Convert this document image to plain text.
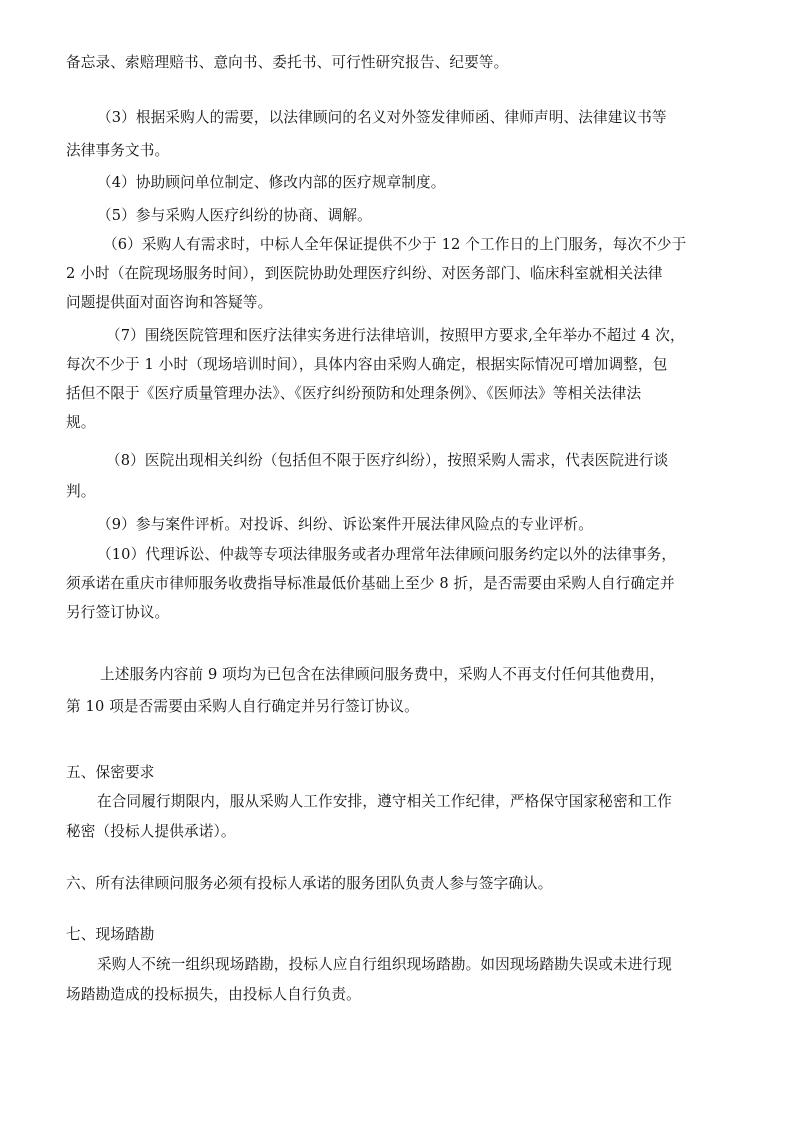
备忘录、索赔理赔书、意向书、委托书、可行性研究报告、纪要等。

（3）根据采购人的需要，以法律顾问的名义对外签发律师函、律师声明、法律建议书等

法律事务文书。

（4）协助顾问单位制定、修改内部的医疗规章制度。

（5）参与采购人医疗纠纷的协商、调解。

（6）采购人有需求时，中标人全年保证提供不少于 12 个工作日的上门服务，每次不少于

2 小时（在院现场服务时间），到医院协助处理医疗纠纷、对医务部门、临床科室就相关法律

问题提供面对面咨询和答疑等。

（7）围绕医院管理和医疗法律实务进行法律培训，按照甲方要求,全年举办不超过 4 次，

每次不少于 1 小时（现场培训时间），具体内容由采购人确定，根据实际情况可增加调整，包

括但不限于《医疗质量管理办法》、《医疗纠纷预防和处理条例》、《医师法》等相关法律法

规。

（8）医院出现相关纠纷（包括但不限于医疗纠纷），按照采购人需求，代表医院进行谈

判。

（9）参与案件评析。对投诉、纠纷、诉讼案件开展法律风险点的专业评析。

（10）代理诉讼、仲裁等专项法律服务或者办理常年法律顾问服务约定以外的法律事务，

须承诺在重庆市律师服务收费指导标准最低价基础上至少 8 折，是否需要由采购人自行确定并

另行签订协议。

上述服务内容前 9 项均为已包含在法律顾问服务费中，采购人不再支付任何其他费用，

第 10 项是否需要由采购人自行确定并另行签订协议。

五、保密要求

在合同履行期限内，服从采购人工作安排，遵守相关工作纪律，严格保守国家秘密和工作

秘密（投标人提供承诺）。

六、所有法律顾问服务必须有投标人承诺的服务团队负责人参与签字确认。

七、现场踏勘

采购人不统一组织现场踏勘，投标人应自行组织现场踏勘。如因现场踏勘失误或未进行现

场踏勘造成的投标损失，由投标人自行负责。
